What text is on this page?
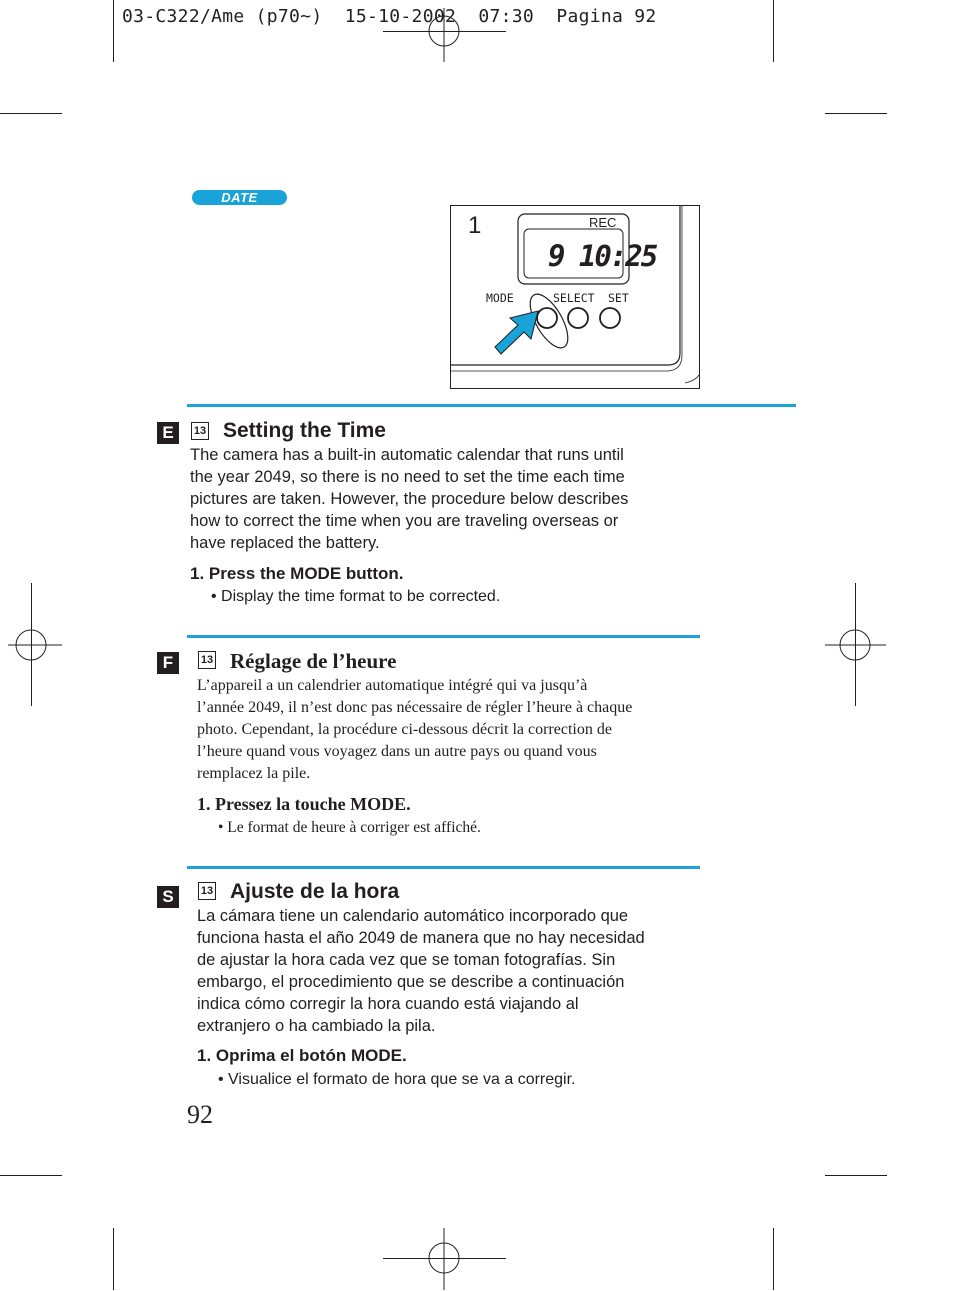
03-C322/Ame (p70~)  15-10-2002  07:30  Pagina 92
DATE
1	REC
9 10:25
MODE	SELECT SET
E	13 Setting the Time
The camera has a built-in automatic calendar that runs until
the year 2049, so there is no need to set the time each time
pictures are taken. However, the procedure below describes
how to correct the time when you are traveling overseas or
have replaced the battery.
1. Press the MODE button.
• Display the time format to be corrected.
F	13 Réglage de l’heure
L’appareil a un calendrier automatique intégré qui va jusqu’à
l’année 2049, il n’est donc pas nécessaire de régler l’heure à chaque
photo. Cependant, la procédure ci-dessous décrit la correction de
l’heure quand vous voyagez dans un autre pays ou quand vous
remplacez la pile.
1. Pressez la touche MODE.
• Le format de heure à corriger est affiché.
S	13 Ajuste de la hora
La cámara tiene un calendario automático incorporado que
funciona hasta el año 2049 de manera que no hay necesidad
de ajustar la hora cada vez que se toman fotografías. Sin
embargo, el procedimiento que se describe a continuación
indica cómo corregir la hora cuando está viajando al
extranjero o ha cambiado la pila.
1. Oprima el botón MODE.
• Visualice el formato de hora que se va a corregir.
92
